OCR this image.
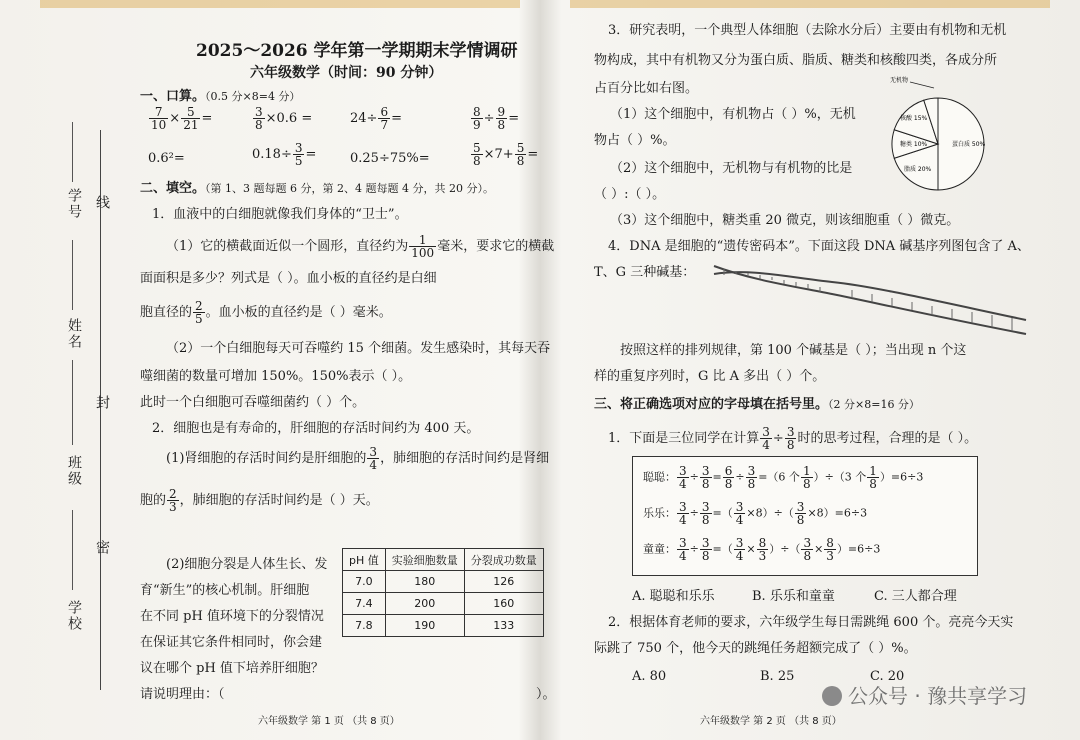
学校
班级
姓名
学号
密
封
线
2025～2026 学年第一学期期末学情调研
六年级数学（时间：90 分钟）
一、口算。（0.5 分×8=4 分）
$\frac{7}{10} \times \frac{5}{21}$ =	$\frac{3}{8} \times 0.6$ =	$24\div \frac{6}{7}$ =	$\frac{8}{9} \div \frac{9}{8}$ =
0.6²=	$0.18\div \frac{3}{5}$ =	0.25÷75%=	$\frac{5}{8} \times 7+ \frac{5}{8}$ =
二、填空。（第 1、3 题每题 6 分，第 2、4 题每题 4 分，共 20 分）。
1．血液中的白细胞就像我们身体的“卫士”。
（1）它的横截面近似一个圆形，直径约为 $\frac{1}{100}$ 毫米，要求它的横截
面面积是多少？列式是（ ）。血小板的直径约是白细
胞直径的 $\frac{2}{5}$ 。血小板的直径约是（ ）毫米。
（2）一个白细胞每天可吞噬约 15 个细菌。发生感染时，其每天吞
噬细菌的数量可增加 150%。150%表示（ ）。
此时一个白细胞可吞噬细菌约（ ）个。
2．细胞也是有寿命的，肝细胞的存活时间约为 400 天。
(1)肾细胞的存活时间约是肝细胞的 $\frac{3}{4}$ ，肺细胞的存活时间约是肾细
胞的 $\frac{2}{3}$ ，肺细胞的存活时间约是（ ）天。
(2)细胞分裂是人体生长、发
育“新生”的核心机制。肝细胞
在不同 pH 值环境下的分裂情况
在保证其它条件相同时，你会建
议在哪个 pH 值下培养肝细胞？
请说明理由：（	）。
pH 值	实验细胞数量	分裂成功数量
7.0	180	126
7.4	200	160
7.8	190	133
六年级数学 第 1 页 （共 8 页）
3．研究表明，一个典型人体细胞（去除水分后）主要由有机物和无机
物构成，其中有机物又分为蛋白质、脂质、糖类和核酸四类，各成分所
占百分比如右图。
（1）这个细胞中，有机物占（ ）%，无机
物占（ ）%。
（2）这个细胞中，无机物与有机物的比是
（ ）:（ ）。
（3）这个细胞中，糖类重 20 微克，则该细胞重（ ）微克。
无机物
核酸 15%
糖类 10%
脂质 20%
蛋白质 50%
4．DNA 是细胞的“遗传密码本”。下面这段 DNA 碱基序列图包含了 A、
T、G 三种碱基：
按照这样的排列规律，第 100 个碱基是（ ）；当出现 n 个这
样的重复序列时，G 比 A 多出（ ）个。
三、将正确选项对应的字母填在括号里。（2 分×8=16 分）
1．下面是三位同学在计算 $\frac{3}{4} \div \frac{3}{8}$ 时的思考过程，合理的是（ ）。
聪聪： $\frac{3}{4} \div \frac{3}{8} = \frac{6}{8} \div \frac{3}{8} =(6$ 个 $\frac{1}{8} )\div(3$ 个 $\frac{1}{8} )=6\div 3$
乐乐： $\frac{3}{4} \div \frac{3}{8}$ =（ $\frac{3}{4} \times 8)\div( \frac{3}{8} \times 8)=6\div 3$
童童： $\frac{3}{4} \div \frac{3}{8}$ =（ $\frac{3}{4} \times \frac{8}{3}$ ）÷（ $\frac{3}{8} \times \frac{8}{3} )=6\div 3$
A. 聪聪和乐乐	B. 乐乐和童童	C. 三人都合理
2．根据体育老师的要求，六年级学生每日需跳绳 600 个。亮亮今天实
际跳了 750 个，他今天的跳绳任务超额完成了（ ）%。
A. 80	B. 25	C. 20
六年级数学 第 2 页 （共 8 页）
公众号 · 豫共享学习
